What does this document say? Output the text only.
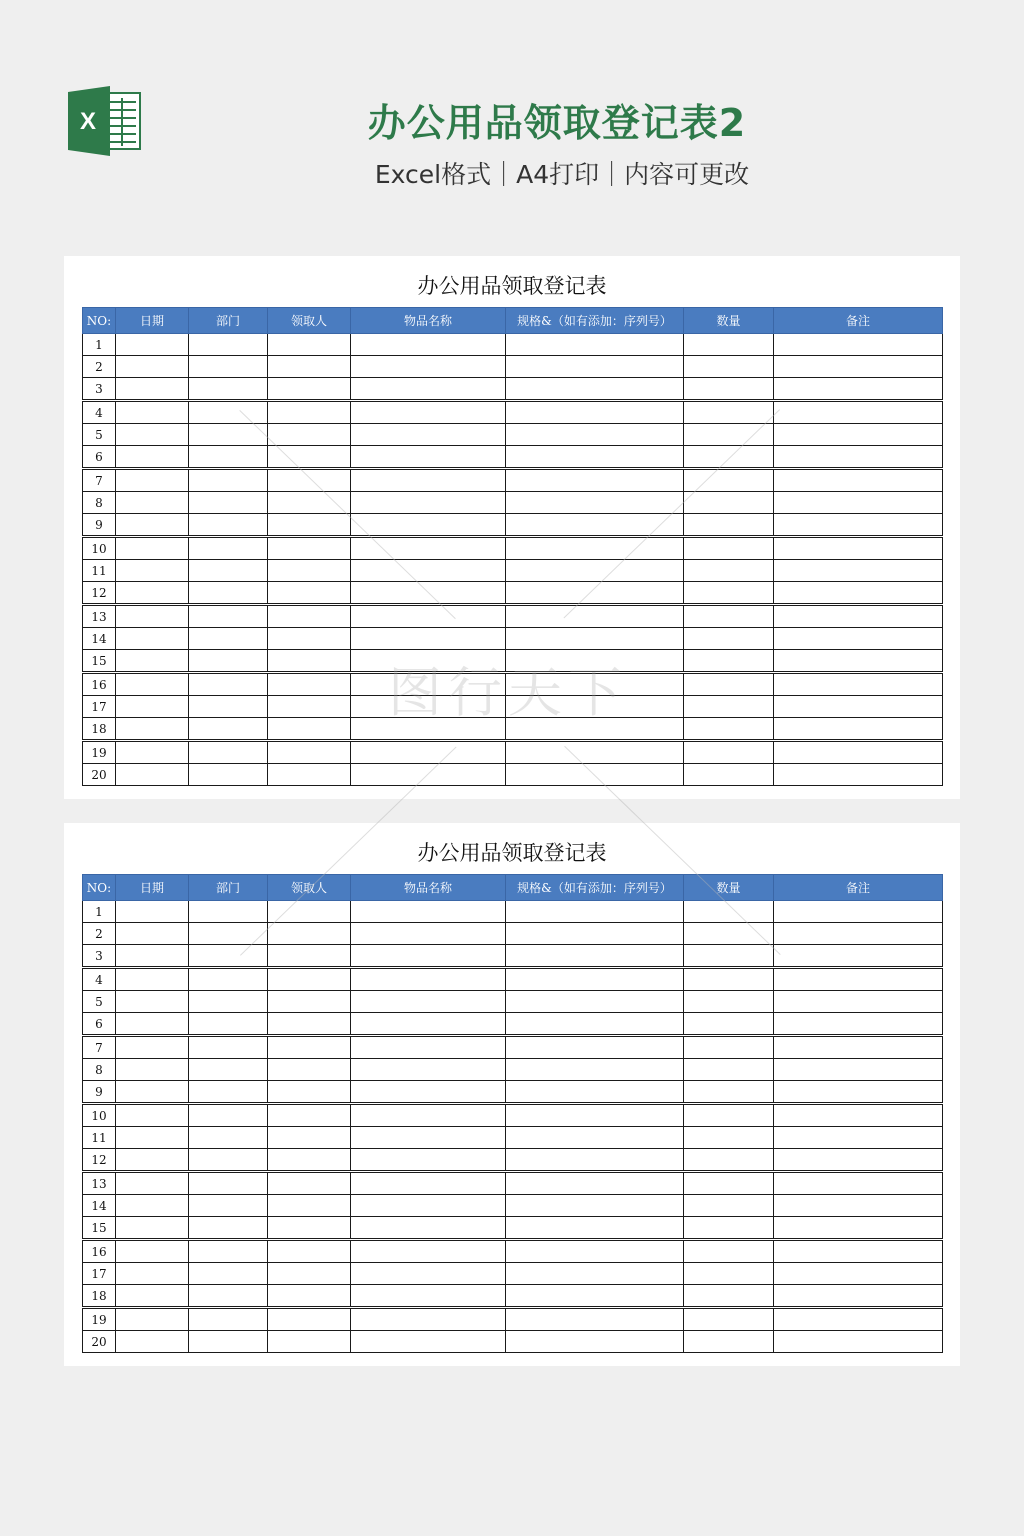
X	办公用品领取登记表2
Excel格式｜A4打印｜内容可更改
办公用品领取登记表
NO:	日期	部门	领取人	物品名称	规格&（如有添加：序列号）	数量	备注
1							
2							
3							
4							
5							
6							
7							
8							
9							
10							
11							
12							
13							
14							
15							
16							
17							
18							
19							
20							
办公用品领取登记表
NO:	日期	部门	领取人	物品名称	规格&（如有添加：序列号）	数量	备注
1							
2							
3							
4							
5							
6							
7							
8							
9							
10							
11							
12							
13							
14							
15							
16							
17							
18							
19							
20							
图行天下
